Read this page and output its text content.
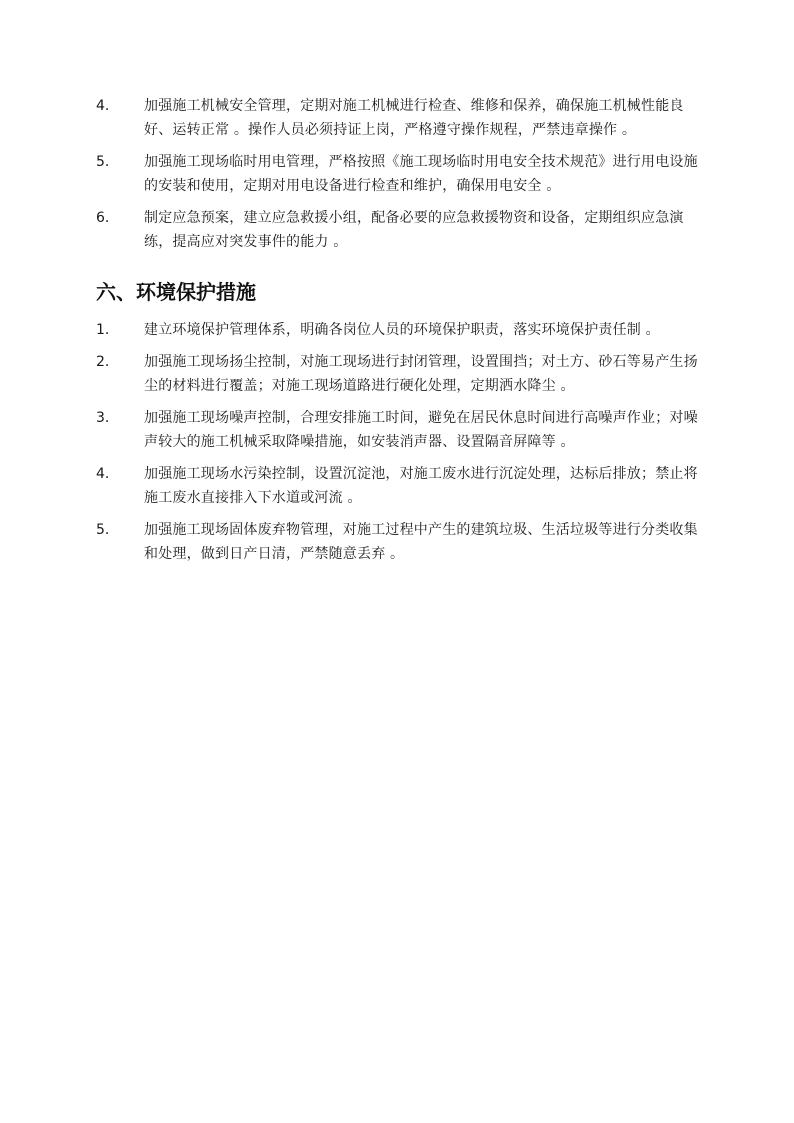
4.	加强施工机械安全管理，定期对施工机械进行检查、维修和保养，确保施工机械性能良好、运转正常 。操作人员必须持证上岗，严格遵守操作规程，严禁违章操作 。
5.	加强施工现场临时用电管理，严格按照《施工现场临时用电安全技术规范》进行用电设施的安装和使用，定期对用电设备进行检查和维护，确保用电安全 。
6.	制定应急预案，建立应急救援小组，配备必要的应急救援物资和设备，定期组织应急演练，提高应对突发事件的能力 。
六、环境保护措施
1.	建立环境保护管理体系，明确各岗位人员的环境保护职责，落实环境保护责任制 。
2.	加强施工现场扬尘控制，对施工现场进行封闭管理，设置围挡；对土方、砂石等易产生扬尘的材料进行覆盖；对施工现场道路进行硬化处理，定期洒水降尘 。
3.	加强施工现场噪声控制，合理安排施工时间，避免在居民休息时间进行高噪声作业；对噪声较大的施工机械采取降噪措施，如安装消声器、设置隔音屏障等 。
4.	加强施工现场水污染控制，设置沉淀池，对施工废水进行沉淀处理，达标后排放；禁止将施工废水直接排入下水道或河流 。
5.	加强施工现场固体废弃物管理，对施工过程中产生的建筑垃圾、生活垃圾等进行分类收集和处理，做到日产日清，严禁随意丢弃 。
